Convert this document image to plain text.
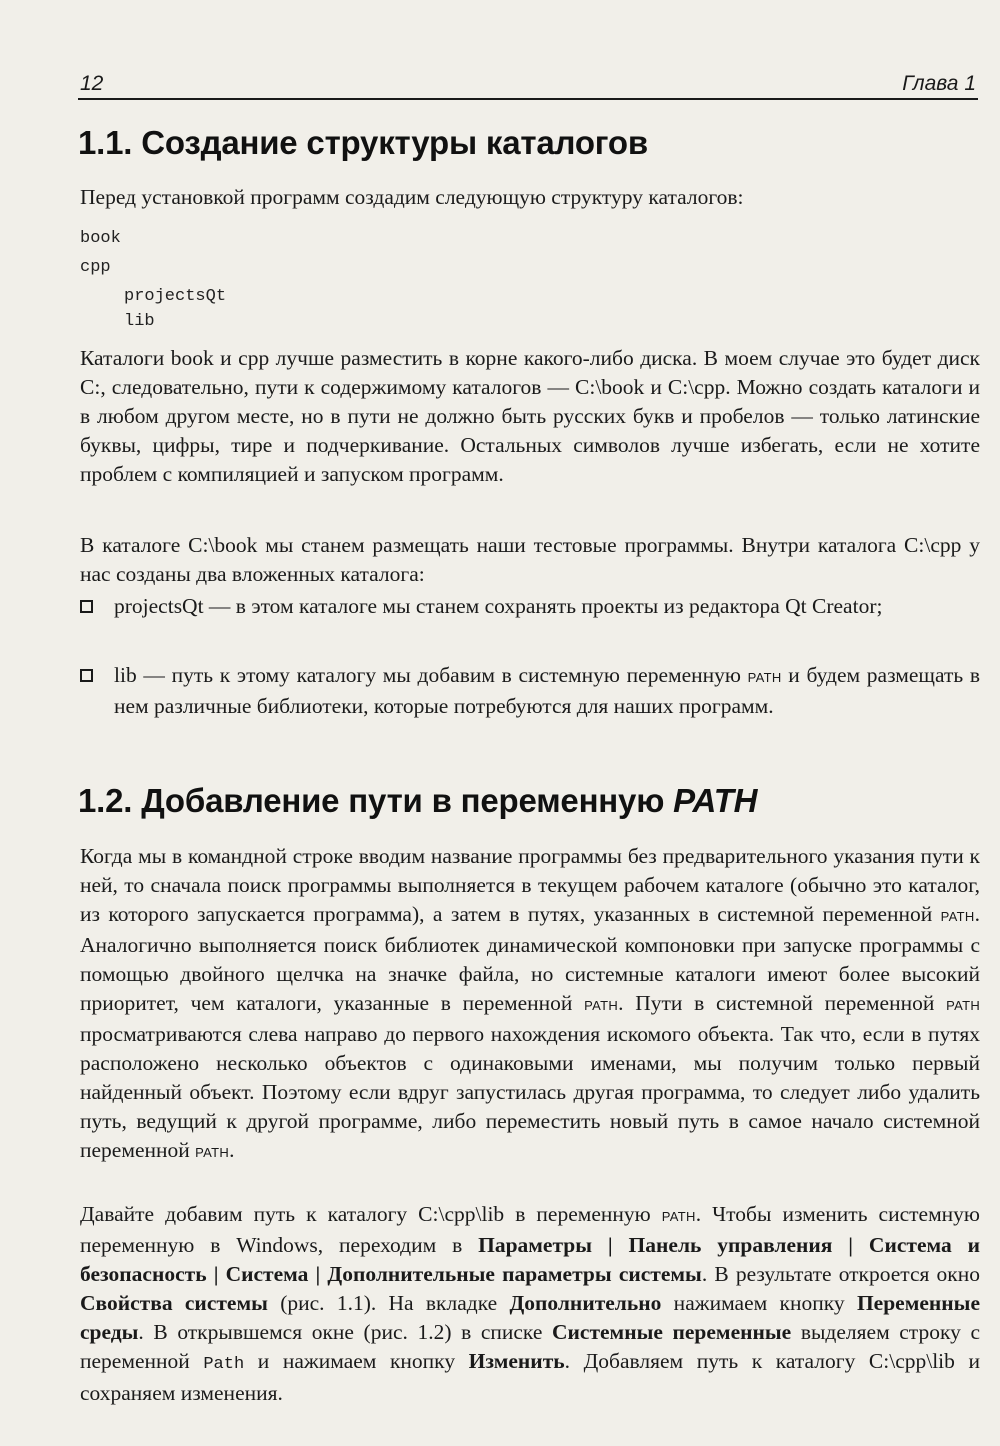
12	Глава 1
1.1. Создание структуры каталогов

Перед установкой программ создадим следующую структуру каталогов:

book
cpp
projectsQt
lib

Каталоги book и cpp лучше разместить в корне какого-либо диска. В моем случае это будет диск C:, следовательно, пути к содержимому каталогов — C:\book и C:\cpp. Можно создать каталоги и в любом другом месте, но в пути не должно быть русских букв и пробелов — только латинские буквы, цифры, тире и подчеркивание. Остальных символов лучше избегать, если не хотите проблем с компиляцией и запуском программ.

В каталоге C:\book мы станем размещать наши тестовые программы. Внутри каталога C:\cpp у нас созданы два вложенных каталога:

projectsQt — в этом каталоге мы станем сохранять проекты из редактора Qt Creator;
lib — путь к этому каталогу мы добавим в системную переменную PATH и будем размещать в нем различные библиотеки, которые потребуются для наших программ.
1.2. Добавление пути в переменную PATH

Когда мы в командной строке вводим название программы без предварительного указания пути к ней, то сначала поиск программы выполняется в текущем рабочем каталоге (обычно это каталог, из которого запускается программа), а затем в путях, указанных в системной переменной PATH. Аналогично выполняется поиск библиотек динамической компоновки при запуске программы с помощью двойного щелчка на значке файла, но системные каталоги имеют более высокий приоритет, чем каталоги, указанные в переменной PATH. Пути в системной переменной PATH просматриваются слева направо до первого нахождения искомого объекта. Так что, если в путях расположено несколько объектов с одинаковыми именами, мы получим только первый найденный объект. Поэтому если вдруг запустилась другая программа, то следует либо удалить путь, ведущий к другой программе, либо переместить новый путь в самое начало системной переменной PATH.

Давайте добавим путь к каталогу C:\cpp\lib в переменную PATH. Чтобы изменить системную переменную в Windows, переходим в Параметры | Панель управления | Система и безопасность | Система | Дополнительные параметры системы. В результате откроется окно Свойства системы (рис. 1.1). На вкладке Дополнительно нажимаем кнопку Переменные среды. В открывшемся окне (рис. 1.2) в списке Системные переменные выделяем строку с переменной Path и нажимаем кнопку Изменить. Добавляем путь к каталогу C:\cpp\lib и сохраняем изменения.
